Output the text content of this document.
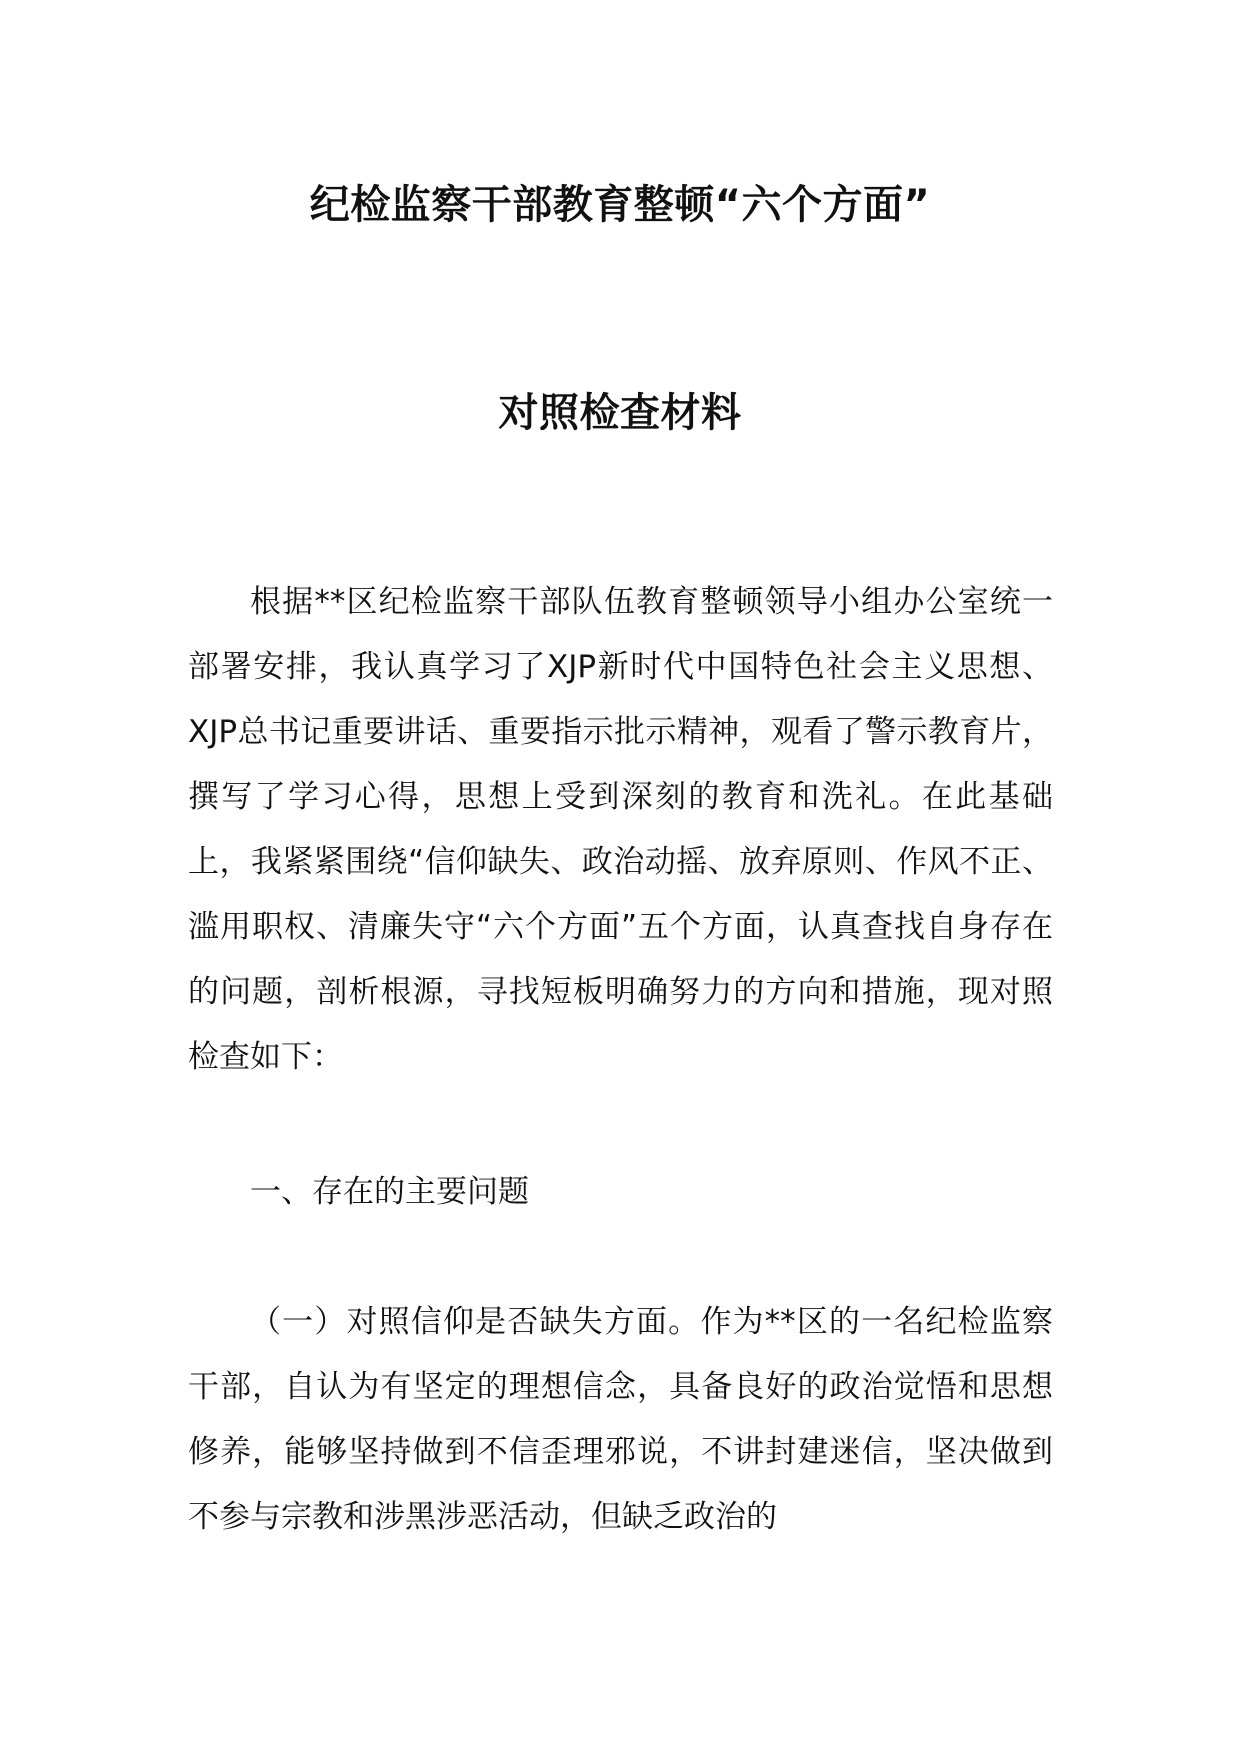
纪检监察干部教育整顿“六个方面”
对照检查材料

根据**区纪检监察干部队伍教育整顿领导小组办公室统一部署安排，我认真学习了XJP新时代中国特色社会主义思想、XJP总书记重要讲话、重要指示批示精神，观看了警示教育片，撰写了学习心得，思想上受到深刻的教育和洗礼。在此基础上，我紧紧围绕“信仰缺失、政治动摇、放弃原则、作风不正、滥用职权、清廉失守“六个方面”五个方面，认真查找自身存在的问题，剖析根源，寻找短板明确努力的方向和措施，现对照检查如下：

一、存在的主要问题

（一）对照信仰是否缺失方面。作为**区的一名纪检监察干部，自认为有坚定的理想信念，具备良好的政治觉悟和思想修养，能够坚持做到不信歪理邪说，不讲封建迷信，坚决做到不参与宗教和涉黑涉恶活动，但缺乏政治的
